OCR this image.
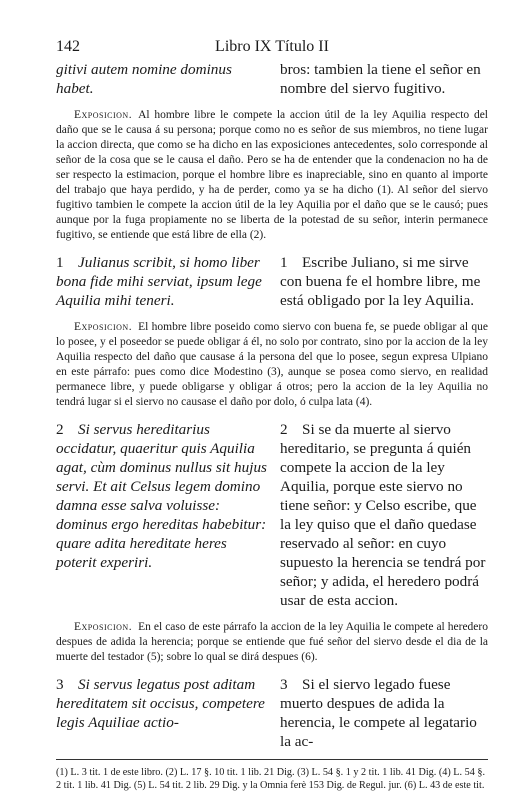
142	Libro IX Título II
gitivi autem nomine dominus habet.
bros: tambien la tiene el señor en nombre del siervo fugitivo.

Exposicion. Al hombre libre le compete la accion útil de la ley Aquilia respecto del daño que se le causa á su persona; porque como no es señor de sus miembros, no tiene lugar la accion directa, que como se ha dicho en las exposiciones antecedentes, solo corresponde al señor de la cosa que se le causa el daño. Pero se ha de entender que la condenacion no ha de ser respecto la estimacion, porque el hombre libre es inapreciable, sino en quanto al importe del trabajo que haya perdido, y ha de perder, como ya se ha dicho (1). Al señor del siervo fugitivo tambien le compete la accion útil de la ley Aquilia por el daño que se le causó; pues aunque por la fuga propiamente no se liberta de la potestad de su señor, interin permanece fugitivo, se entiende que está libre de ella (2).

1 Julianus scribit, si homo liber bona fide mihi serviat, ipsum lege Aquilia mihi teneri.
1 Escribe Juliano, si me sirve con buena fe el hombre libre, me está obligado por la ley Aquilia.

Exposicion. El hombre libre poseido como siervo con buena fe, se puede obligar al que lo posee, y el poseedor se puede obligar á él, no solo por contrato, sino por la accion de la ley Aquilia respecto del daño que causase á la persona del que lo posee, segun expresa Ulpiano en este párrafo: pues como dice Modestino (3), aunque se posea como siervo, en realidad permanece libre, y puede obligarse y obligar á otros; pero la accion de la ley Aquilia no tendrá lugar si el siervo no causase el daño por dolo, ó culpa lata (4).

2 Si servus hereditarius occidatur, quaeritur quis Aquilia agat, cùm dominus nullus sit hujus servi. Et ait Celsus legem domino damna esse salva voluisse: dominus ergo hereditas habebitur: quare adita hereditate heres poterit experiri.
2 Si se da muerte al siervo hereditario, se pregunta á quién compete la accion de la ley Aquilia, porque este siervo no tiene señor: y Celso escribe, que la ley quiso que el daño quedase reservado al señor: en cuyo supuesto la herencia se tendrá por señor; y adida, el heredero podrá usar de esta accion.

Exposicion. En el caso de este párrafo la accion de la ley Aquilia le compete al heredero despues de adida la herencia; porque se entiende que fué señor del siervo desde el dia de la muerte del testador (5); sobre lo qual se dirá despues (6).

3 Si servus legatus post aditam hereditatem sit occisus, competere legis Aquiliae actio-
3 Si el siervo legado fuese muerto despues de adida la herencia, le compete al legatario la ac-
(1) L. 3 tit. 1 de este libro. (2) L. 17 §. 10 tit. 1 lib. 21 Dig. (3) L. 54 §. 1 y 2 tit. 1 lib. 41 Dig. (4) L. 54 §. 2 tit. 1 lib. 41 Dig. (5) L. 54 tit. 2 lib. 29 Dig. y la Omnia ferè 153 Dig. de Regul. jur. (6) L. 43 de este tit.
